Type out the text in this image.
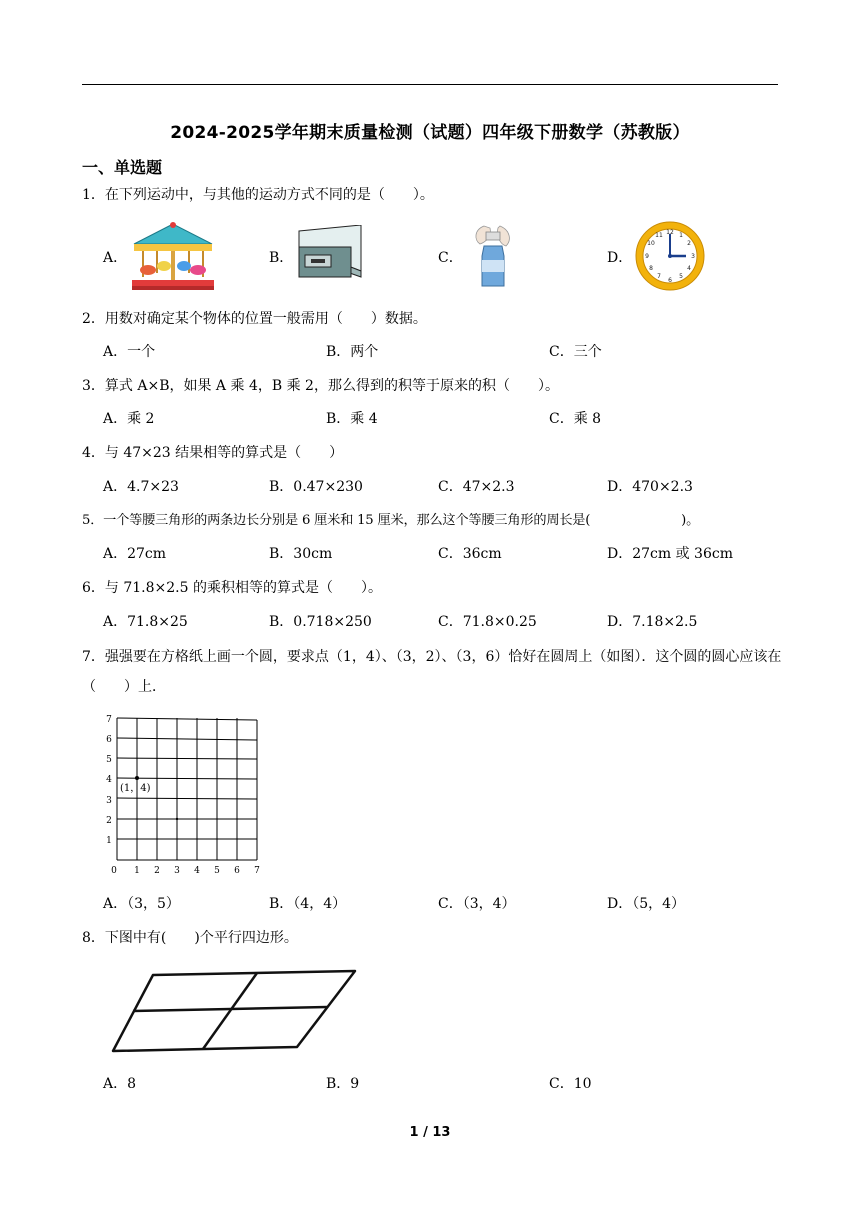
2024-2025学年期末质量检测（试题）四年级下册数学（苏教版）
一、单选题
1．在下列运动中，与其他的运动方式不同的是（　　）。
A．	B．	C．	D．
12 1
2
3
4
5
6
7
8
9
10
11
2．用数对确定某个物体的位置一般需用（　　）数据。
A．一个	B．两个	C．三个
3．算式 A×B，如果 A 乘 4，B 乘 2，那么得到的积等于原来的积（　　）。
A．乘 2	B．乘 4	C．乘 8
4．与 47×23 结果相等的算式是（　　）
A．4.7×23	B．0.47×230	C．47×2.3	D．470×2.3
5．一个等腰三角形的两条边长分别是 6 厘米和 15 厘米，那么这个等腰三角形的周长是(　　　　　　　)。
A．27cm	B．30cm	C．36cm	D．27cm 或 36cm
6．与 71.8×2.5 的乘积相等的算式是（　　）。
A．71.8×25	B．0.718×250	C．71.8×0.25	D．7.18×2.5
7．强强要在方格纸上画一个圆，要求点（1，4）、（3，2）、（3，6）恰好在圆周上（如图）．这个圆的圆心应该在（　　）上．
(1，4)
0 1 2 3 4 5 6 7
1
2
3
4
5
6
7
A．（3，5）	B．（4，4）	C．（3，4）	D．（5，4）
8．下图中有(　　)个平行四边形。
A．8	B．9	C．10
1 / 13
